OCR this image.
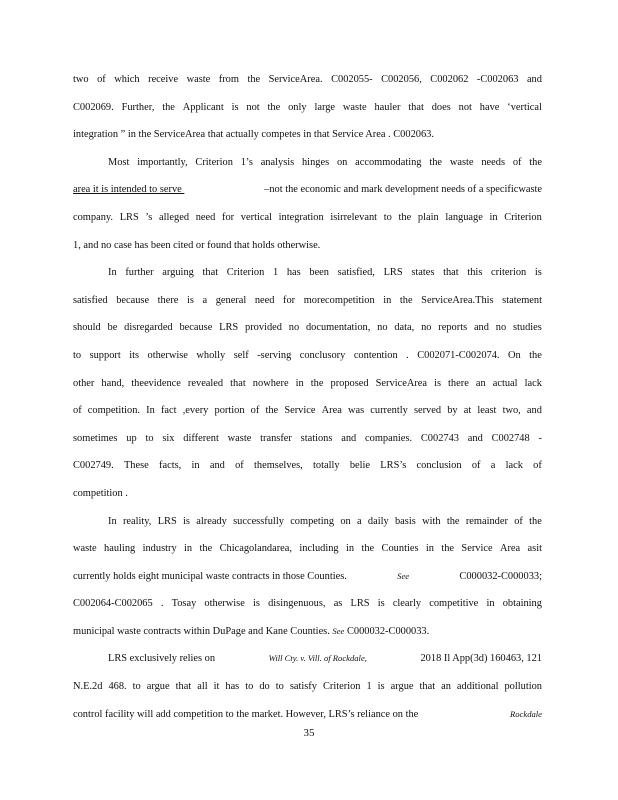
two of which receive waste from the ServiceArea. C002055- C002056, C002062 -C002063 and
C002069. Further, the Applicant is not the only large waste hauler that does not have ‘vertical
integration ” in the ServiceArea that actually competes in that Service Area . C002063.
Most importantly, Criterion 1’s analysis hinges on accommodating the waste needs of the
area it is intended to serve	–not the economic and mark development needs of a specificwaste
company. LRS ’s alleged need for vertical integration isirrelevant to the plain language in Criterion
1, and no case has been cited or found that holds otherwise.
In further arguing that Criterion 1 has been satisfied, LRS states that this criterion is
satisfied because there is a general need for morecompetition in the ServiceArea.This statement
should be disregarded because LRS provided no documentation, no data, no reports and no studies
to support its otherwise wholly self -serving conclusory contention . C002071-C002074. On the
other hand, theevidence revealed that nowhere in the proposed ServiceArea is there an actual lack
of competition. In fact ,every portion of the Service Area was currently served by at least two, and
sometimes up to six different waste transfer stations and companies. C002743 and C002748 -
C002749. These facts, in and of themselves, totally belie LRS’s conclusion of a lack of
competition .
In reality, LRS is already successfully competing on a daily basis with the remainder of the
waste hauling industry in the Chicagolandarea, including in the Counties in the Service Area asit
currently holds eight municipal waste contracts in those Counties.	See	C000032-C000033;
C002064-C002065 . Tosay otherwise is disingenuous, as LRS is clearly competitive in obtaining
municipal waste contracts within DuPage and Kane Counties. See C000032-C000033.
LRS exclusively relies on	Will Cty. v. Vill. of Rockdale,	2018 Il App(3d) 160463, 121
N.E.2d 468. to argue that all it has to do to satisfy Criterion 1 is argue that an additional pollution
control facility will add competition to the market. However, LRS’s reliance on the	Rockdale
35
